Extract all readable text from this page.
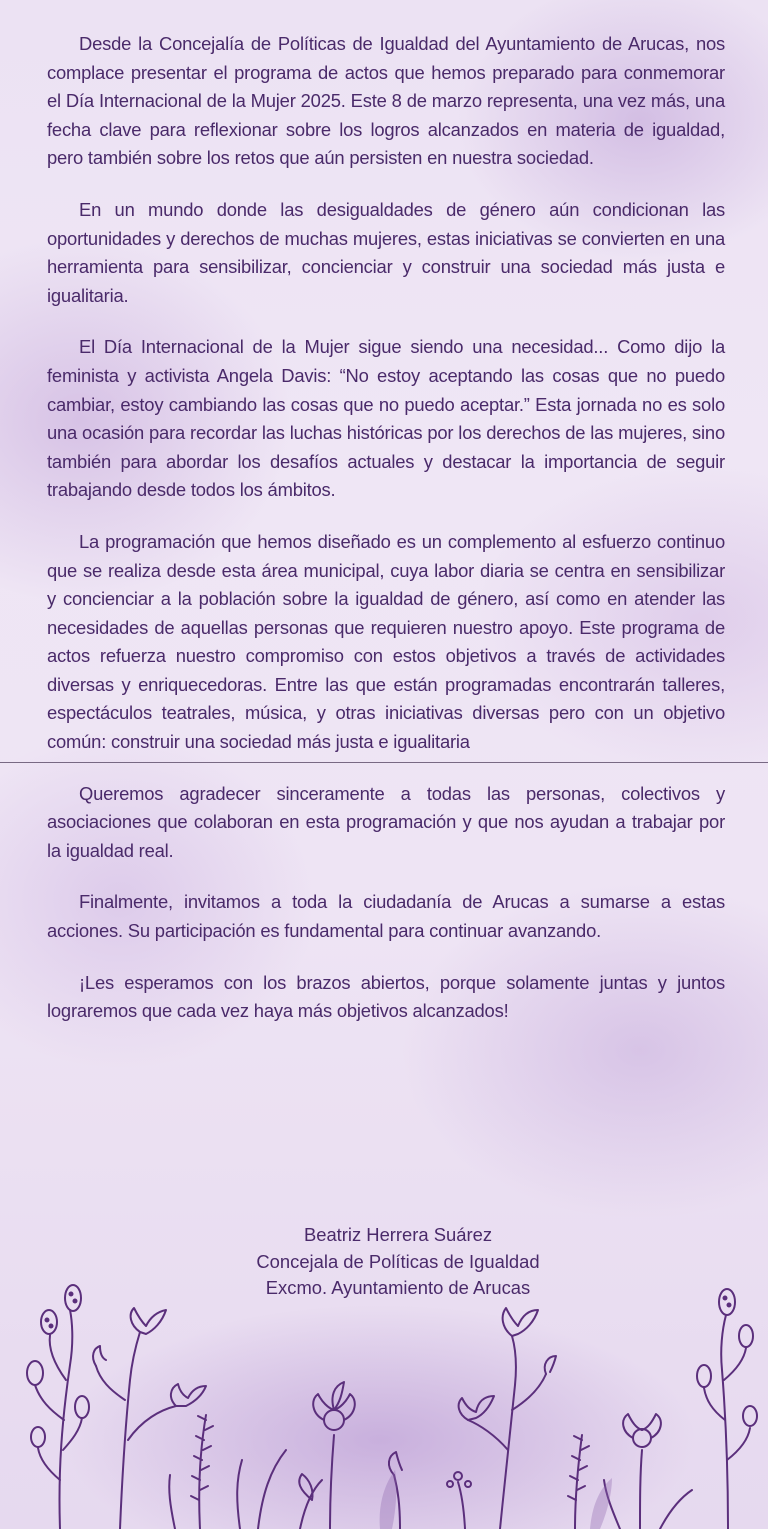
Desde la Concejalía de Políticas de Igualdad del Ayuntamiento de Arucas, nos complace presentar el programa de actos que hemos preparado para conmemorar el Día Internacional de la Mujer 2025. Este 8 de marzo representa, una vez más, una fecha clave para reflexionar sobre los logros alcanzados en materia de igualdad, pero también sobre los retos que aún persisten en nuestra sociedad.

En un mundo donde las desigualdades de género aún condicionan las oportunidades y derechos de muchas mujeres, estas iniciativas se convierten en una herramienta para sensibilizar, concienciar y construir una sociedad más justa e igualitaria.

El Día Internacional de la Mujer sigue siendo una necesidad... Como dijo la feminista y activista Angela Davis: “No estoy aceptando las cosas que no puedo cambiar, estoy cambiando las cosas que no puedo aceptar.” Esta jornada no es solo una ocasión para recordar las luchas históricas por los derechos de las mujeres, sino también para abordar los desafíos actuales y destacar la importancia de seguir trabajando desde todos los ámbitos.

La programación que hemos diseñado es un complemento al esfuerzo continuo que se realiza desde esta área municipal, cuya labor diaria se centra en sensibilizar y concienciar a la población sobre la igualdad de género, así como en atender las necesidades de aquellas personas que requieren nuestro apoyo. Este programa de actos refuerza nuestro compromiso con estos objetivos a través de actividades diversas y enriquecedoras. Entre las que están programadas encontrarán talleres, espectáculos teatrales, música, y otras iniciativas diversas pero con un objetivo común: construir una sociedad más justa e igualitaria

Queremos agradecer sinceramente a todas las personas, colectivos y asociaciones que colaboran en esta programación y que nos ayudan a trabajar por la igualdad real.

Finalmente, invitamos a toda la ciudadanía de Arucas a sumarse a estas acciones. Su participación es fundamental para continuar avanzando.

¡Les esperamos con los brazos abiertos, porque solamente juntas y juntos lograremos que cada vez haya más objetivos alcanzados!

Beatriz Herrera Suárez
Concejala de Políticas de Igualdad
Excmo. Ayuntamiento de Arucas
